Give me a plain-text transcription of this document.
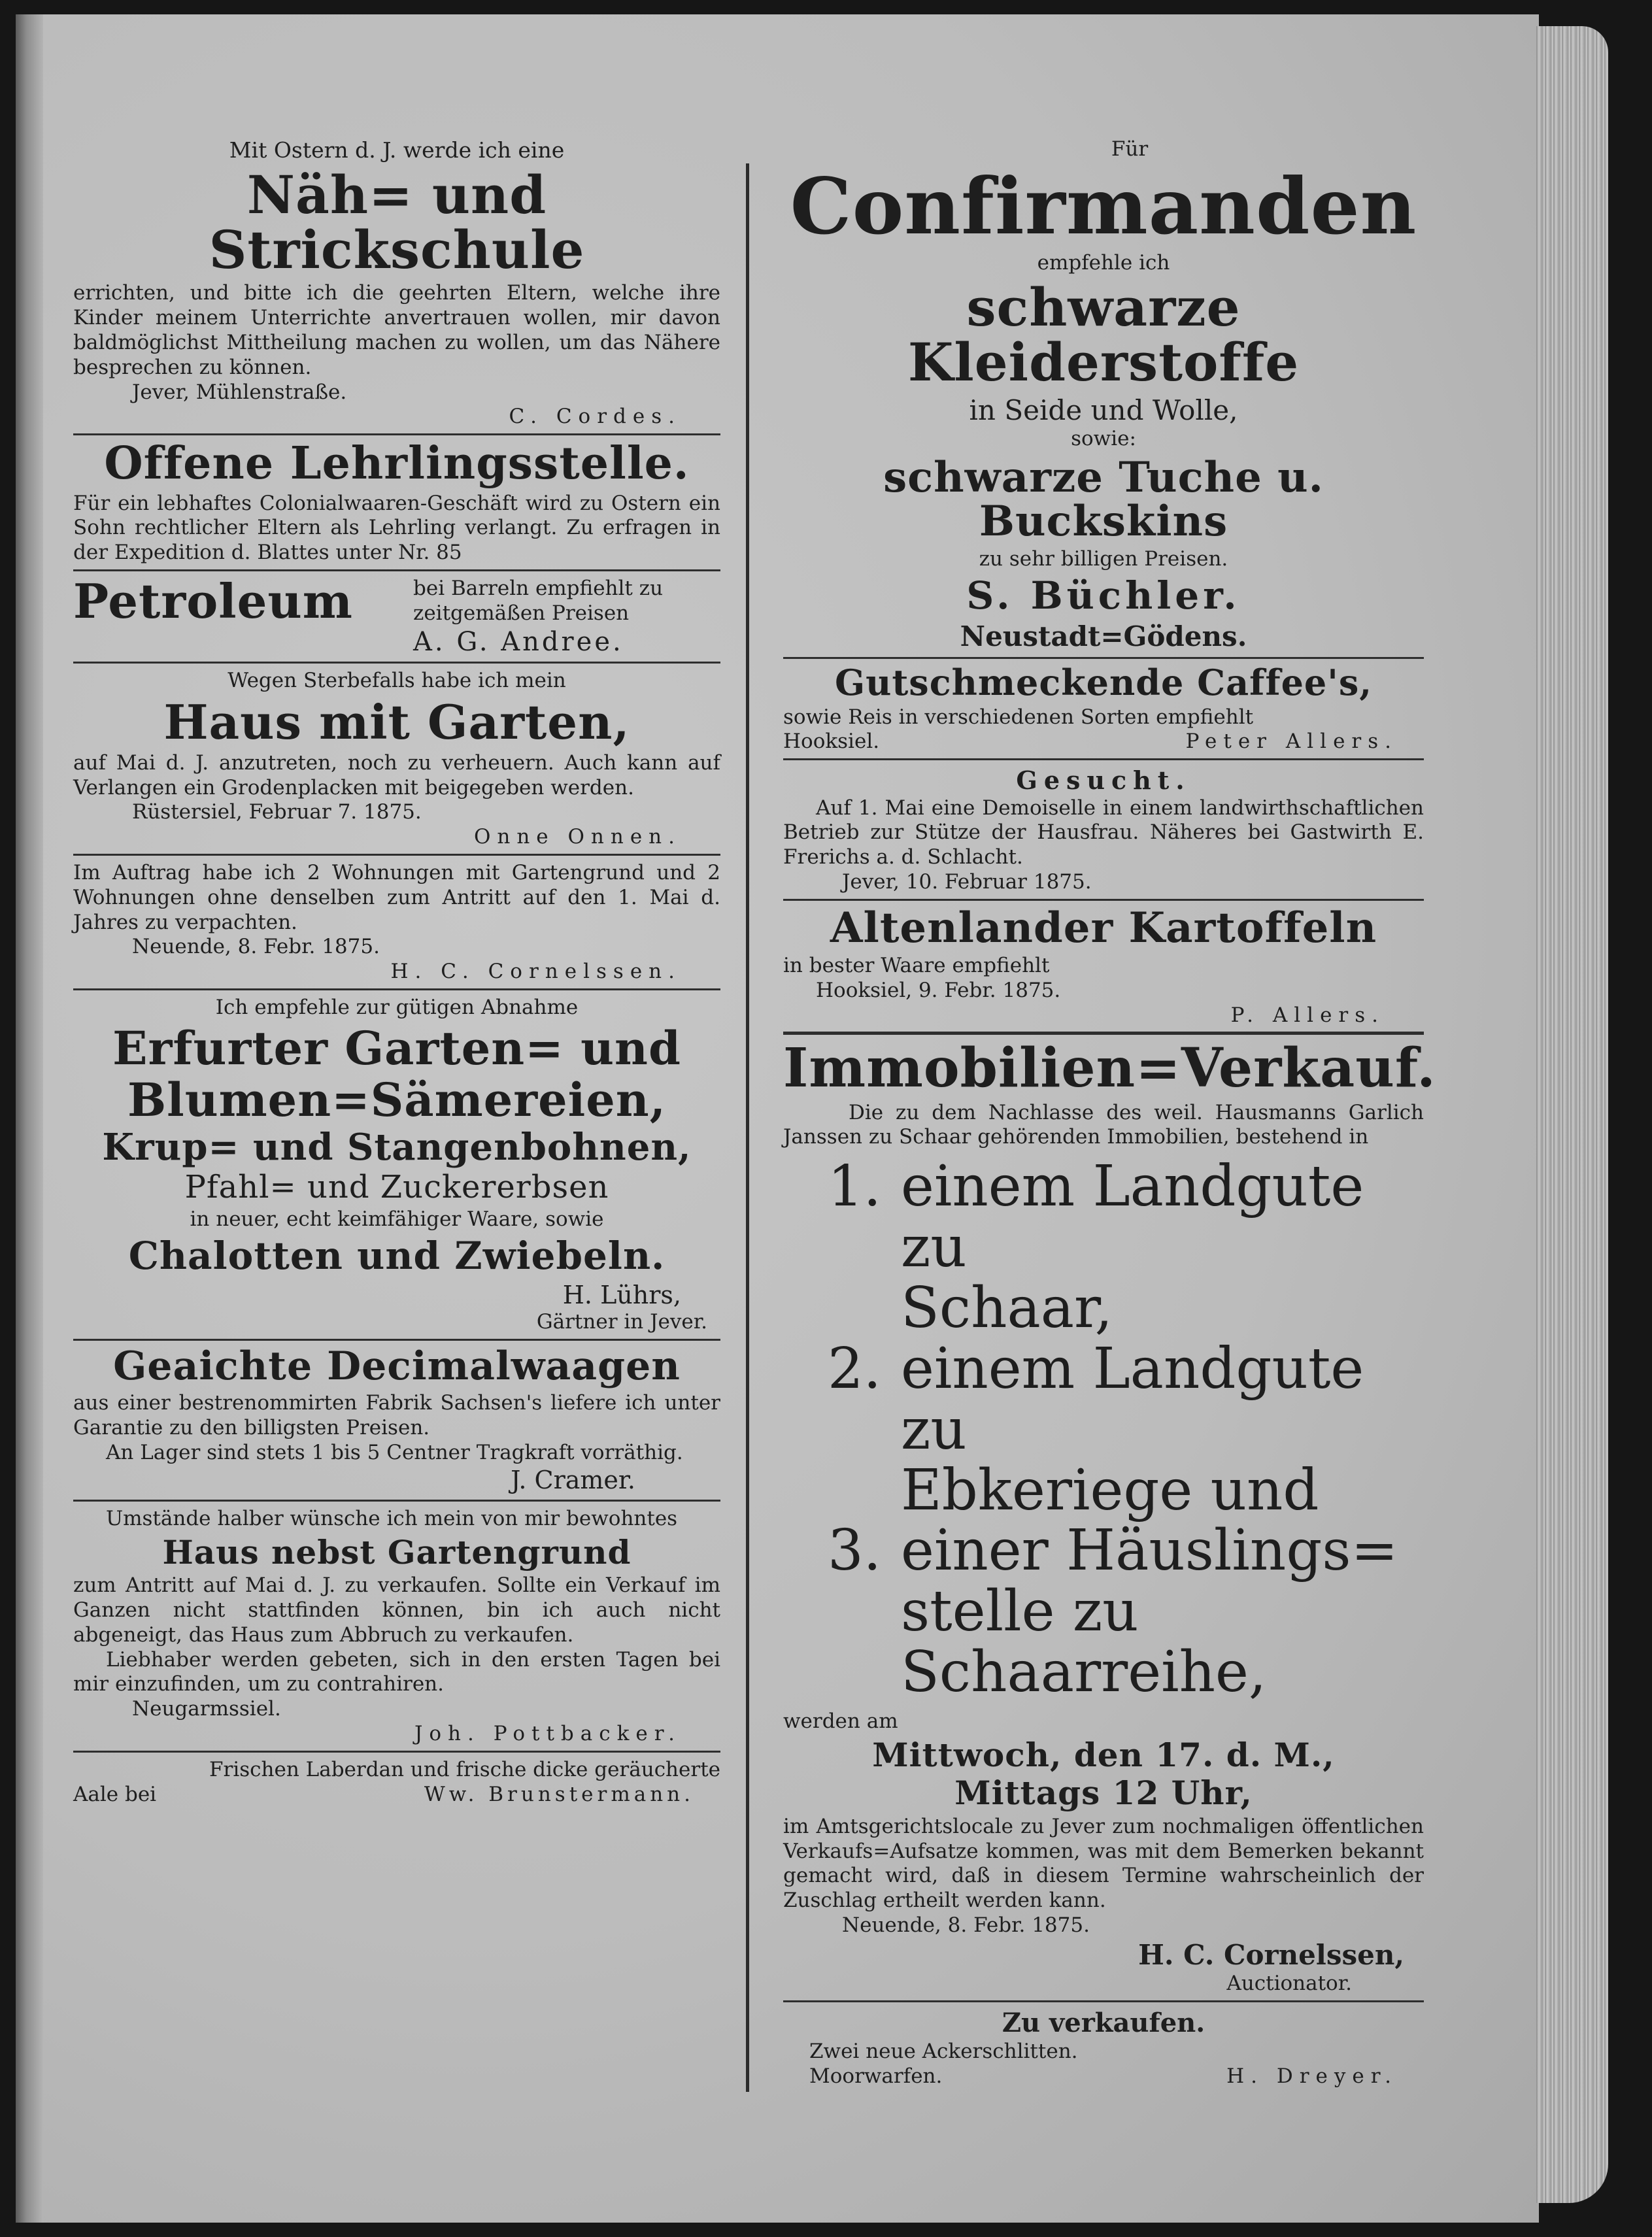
Mit Ostern d. J. werde ich eine

Näh= und Strickschule

errichten, und bitte ich die geehrten Eltern, welche ihre Kinder meinem Unterrichte anvertrauen wollen, mir davon baldmöglichst Mittheilung machen zu wollen, um das Nähere besprechen zu können.

Jever, Mühlenstraße.

C. Cordes.

Offene Lehrlingsstelle.

Für ein lebhaftes Colonialwaaren-Geschäft wird zu Ostern ein Sohn rechtlicher Eltern als Lehrling verlangt. Zu erfragen in der Expedition d. Blattes unter Nr. 85

Petroleum	bei Barreln empfiehlt zu

zeitgemäßen Preisen

A. G. Andree.

Wegen Sterbefalls habe ich mein

Haus mit Garten,

auf Mai d. J. anzutreten, noch zu verheuern. Auch kann auf Verlangen ein Grodenplacken mit beigegeben werden.

Rüstersiel, Februar 7. 1875.

Onne Onnen.

Im Auftrag habe ich 2 Wohnungen mit Gartengrund und 2 Wohnungen ohne denselben zum Antritt auf den 1. Mai d. Jahres zu verpachten.

Neuende, 8. Febr. 1875.

H. C. Cornelssen.

Ich empfehle zur gütigen Abnahme

Erfurter Garten= und

Blumen=Sämereien,

Krup= und Stangenbohnen,

Pfahl= und Zuckererbsen

in neuer, echt keimfähiger Waare, sowie

Chalotten und Zwiebeln.

H. Lührs,

Gärtner in Jever.

Geaichte Decimalwaagen

aus einer bestrenommirten Fabrik Sachsen's liefere ich unter Garantie zu den billigsten Preisen.

An Lager sind stets 1 bis 5 Centner Tragkraft vorräthig.

J. Cramer.

Umstände halber wünsche ich mein von mir bewohntes

Haus nebst Gartengrund

zum Antritt auf Mai d. J. zu verkaufen. Sollte ein Verkauf im Ganzen nicht stattfinden können, bin ich auch nicht abgeneigt, das Haus zum Abbruch zu verkaufen.

Liebhaber werden gebeten, sich in den ersten Tagen bei mir einzufinden, um zu contrahiren.

Neugarmssiel.

Joh. Pottbacker.

Frischen Laberdan und frische dicke geräucherte

Aale bei	Ww. Brunstermann.

Für

Confirmanden

empfehle ich

schwarze Kleiderstoffe

in Seide und Wolle,

sowie:

schwarze Tuche u. Buckskins

zu sehr billigen Preisen.

S. Büchler.

Neustadt=Gödens.

Gutschmeckende Caffee's,

sowie Reis in verschiedenen Sorten empfiehlt

Hooksiel.	Peter Allers.

Gesucht.

Auf 1. Mai eine Demoiselle in einem landwirthschaftlichen Betrieb zur Stütze der Hausfrau. Näheres bei Gastwirth E. Frerichs a. d. Schlacht.

Jever, 10. Februar 1875.

Altenlander Kartoffeln

in bester Waare empfiehlt

Hooksiel, 9. Febr. 1875.

P. Allers.

Immobilien=Verkauf.

Die zu dem Nachlasse des weil. Hausmanns Garlich Janssen zu Schaar gehörenden Immobilien, bestehend in

1. einem Landgute zu
Schaar,
2. einem Landgute zu
Ebkeriege und
3. einer Häuslings=
stelle zu Schaarreihe,

werden am

Mittwoch, den 17. d. M.,

Mittags 12 Uhr,

im Amtsgerichtslocale zu Jever zum nochmaligen öffentlichen Verkaufs=Aufsatze kommen, was mit dem Bemerken bekannt gemacht wird, daß in diesem Termine wahrscheinlich der Zuschlag ertheilt werden kann.

Neuende, 8. Febr. 1875.

H. C. Cornelssen,

Auctionator.

Zu verkaufen.

Zwei neue Ackerschlitten.

Moorwarfen.	H. Dreyer.
